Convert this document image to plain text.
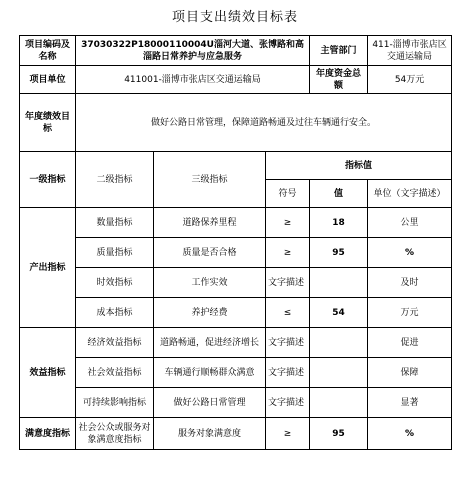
项目支出绩效目标表
项目编码及名称	37030322P18000110004U淄河大道、张博路和高淄路日常养护与应急服务			主管部门	411-淄博市张店区交通运输局
项目单位	411001-淄博市张店区交通运输局			年度资金总额	54万元
年度绩效目标	做好公路日常管理，保障道路畅通及过往车辆通行安全。				
一级指标	二级指标	三级指标	指标值		
			符号	值	单位（文字描述）
产出指标	数量指标	道路保养里程	≥	18	公里
	质量指标	质量是否合格	≥	95	%
	时效指标	工作实效	文字描述		及时
	成本指标	养护经费	≤	54	万元
效益指标	经济效益指标	道路畅通，促进经济增长	文字描述		促进
	社会效益指标	车辆通行顺畅群众满意	文字描述		保障
	可持续影响指标	做好公路日常管理	文字描述		显著
满意度指标	社会公众或服务对象满意度指标	服务对象满意度	≥	95	%
